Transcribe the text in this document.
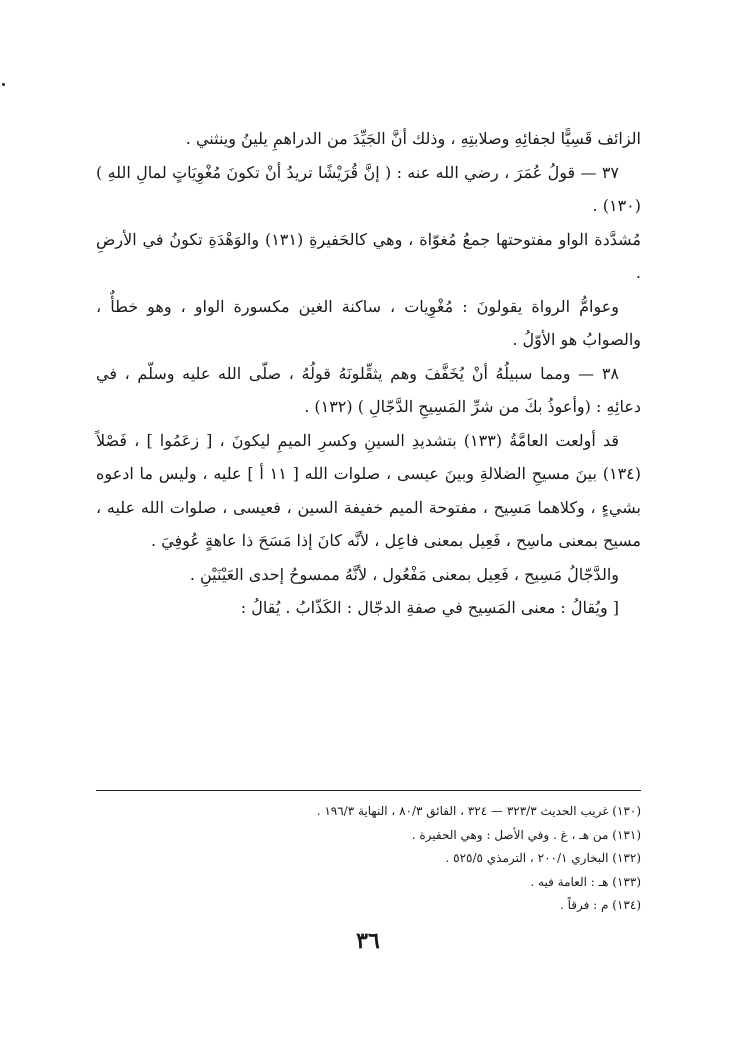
الزائف قَسِيًّا لجفائِهِ وصلابتِهِ ، وذلك أنَّ الجَيِّدَ من الدراهمِ يلينُ وينثني .

٣٧ — قولُ عُمَرَ ، رضي الله عنه : ( إنَّ قُرَيْشًا تريدُ أنْ تكونَ مُغْوِيَاتٍ لمالِ اللهِ ) (١٣٠) .

مُشدَّدة الواو مفتوحتها جمعُ مُغوّاة ، وهي كالحَفيرةِ (١٣١) والوَهْدَةِ تكونُ في الأرضِ .

وعوامُّ الرواة يقولونَ : مُغْوِيات ، ساكنة الغين مكسورة الواو ، وهو خطأٌ ، والصوابُ هو الأوّلُ .

٣٨ — ومما سبيلُهُ أنْ يُخَفَّفَ وهم يثقِّلونَهُ قولُهُ ، صلّى الله عليه وسلّم ، في دعائِهِ : (وأعوذُ بكَ من شرِّ المَسِيحِ الدَّجّالِ ) (١٣٢) .

قد أولعت العامَّةُ (١٣٣) بتشديدِ السينِ وكسرِ الميمِ ليكونَ ، [ زعَمُوا ] ، فَصْلاً (١٣٤) بينَ مسيحِ الضلالةِ وبينَ عيسى ، صلوات الله [ ١١ أ ] عليه ، وليس ما ادعوه بشيءٍ ، وكلاهما مَسِيح ، مفتوحة الميم خفيفة السين ، فعيسى ، صلوات الله عليه ، مسيح بمعنى ماسِح ، فَعِيل بمعنى فاعِل ، لأنَّه كانَ إذا مَسَحَ ذا عاهةٍ عُوفِيَ .

والدَّجّالُ مَسِيح ، فَعِيل بمعنى مَفْعُول ، لأنَّهُ ممسوحُ إحدى العَيْنَيْنِ .

[ ويُقالُ : معنى المَسِيح في صفةِ الدجّال : الكَذّابُ . يُقالُ :

(١٣٠) غريب الحديث ٣٢٣/٣ — ٣٢٤ ، الفائق ٨٠/٣ ، النهاية ١٩٦/٣ .

(١٣١) من هـ ، غ . وفي الأصل : وهي الحفيرة .

(١٣٢) البخاري ٢٠٠/١ ، الترمذي ٥٢٥/٥ .

(١٣٣) هـ : العامة فيه .

(١٣٤) م : فرقاً .

٣٦
